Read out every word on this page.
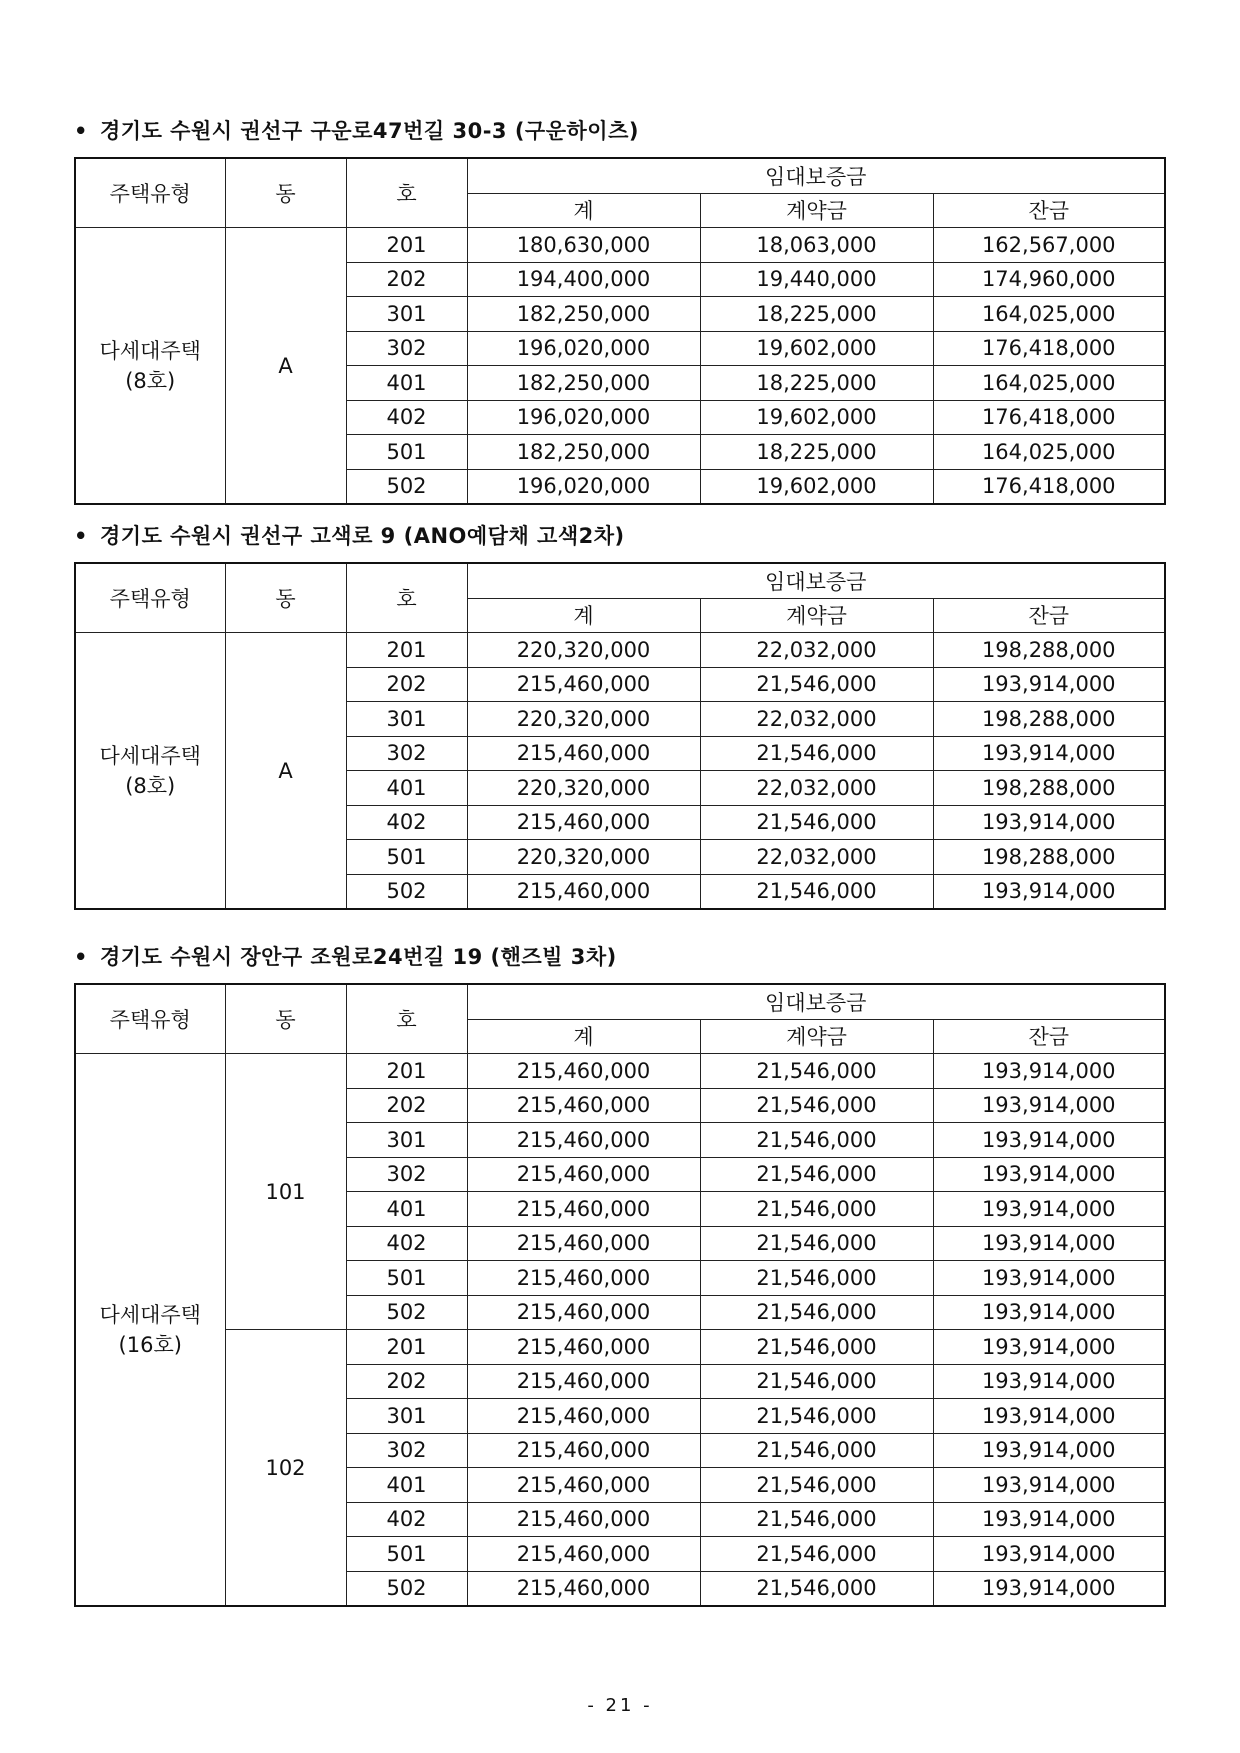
• 경기도 수원시 권선구 구운로47번길 30-3 (구운하이츠)
주택유형	동	호	임대보증금		
			계	계약금	잔금

다세대주택
(8호)	A	201	180,630,000	18,063,000	162,567,000
		202	194,400,000	19,440,000	174,960,000
		301	182,250,000	18,225,000	164,025,000
		302	196,020,000	19,602,000	176,418,000
		401	182,250,000	18,225,000	164,025,000
		402	196,020,000	19,602,000	176,418,000
		501	182,250,000	18,225,000	164,025,000
		502	196,020,000	19,602,000	176,418,000
• 경기도 수원시 권선구 고색로 9 (ANO예담채 고색2차)
주택유형	동	호	임대보증금		
			계	계약금	잔금

다세대주택
(8호)	A	201	220,320,000	22,032,000	198,288,000
		202	215,460,000	21,546,000	193,914,000
		301	220,320,000	22,032,000	198,288,000
		302	215,460,000	21,546,000	193,914,000
		401	220,320,000	22,032,000	198,288,000
		402	215,460,000	21,546,000	193,914,000
		501	220,320,000	22,032,000	198,288,000
		502	215,460,000	21,546,000	193,914,000
• 경기도 수원시 장안구 조원로24번길 19 (핸즈빌 3차)
주택유형	동	호	임대보증금		
			계	계약금	잔금

다세대주택
(16호)	101	201	215,460,000	21,546,000	193,914,000
		202	215,460,000	21,546,000	193,914,000
		301	215,460,000	21,546,000	193,914,000
		302	215,460,000	21,546,000	193,914,000
		401	215,460,000	21,546,000	193,914,000
		402	215,460,000	21,546,000	193,914,000
		501	215,460,000	21,546,000	193,914,000
		502	215,460,000	21,546,000	193,914,000
	102	201	215,460,000	21,546,000	193,914,000
		202	215,460,000	21,546,000	193,914,000
		301	215,460,000	21,546,000	193,914,000
		302	215,460,000	21,546,000	193,914,000
		401	215,460,000	21,546,000	193,914,000
		402	215,460,000	21,546,000	193,914,000
		501	215,460,000	21,546,000	193,914,000
		502	215,460,000	21,546,000	193,914,000
- 21 -
